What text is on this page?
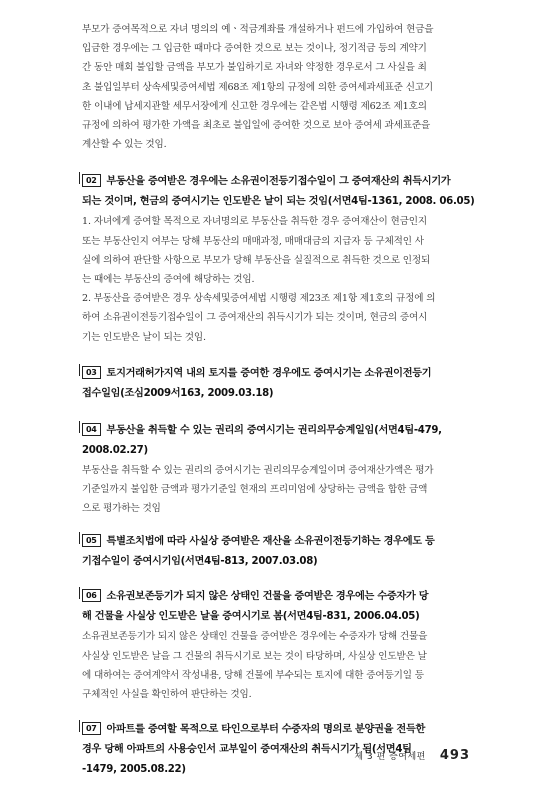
부모가 증여목적으로 자녀 명의의 예ㆍ적금계좌를 개설하거나 펀드에 가입하여 현금을

입금한 경우에는 그 입금한 때마다 증여한 것으로 보는 것이나, 정기적금 등의 계약기

간 동안 매회 불입할 금액을 부모가 불입하기로 자녀와 약정한 경우로서 그 사실을 최

초 불입일부터 상속세및증여세법 제68조 제1항의 규정에 의한 증여세과세표준 신고기

한 이내에 납세지관할 세무서장에게 신고한 경우에는 같은법 시행령 제62조 제1호의

규정에 의하여 평가한 가액을 최초로 불입일에 증여한 것으로 보아 증여세 과세표준을

계산할 수 있는 것임.

02 부동산을 증여받은 경우에는 소유권이전등기접수일이 그 증여재산의 취득시기가

되는 것이며, 현금의 증여시기는 인도받은 날이 되는 것임(서면4팀-1361, 2008. 06.05)

1. 자녀에게 증여할 목적으로 자녀명의로 부동산을 취득한 경우 증여재산이 현금인지

또는 부동산인지 여부는 당해 부동산의 매매과정, 매매대금의 지급자 등 구체적인 사

실에 의하여 판단할 사항으로 부모가 당해 부동산을 실질적으로 취득한 것으로 인정되

는 때에는 부동산의 증여에 해당하는 것임.

2. 부동산을 증여받은 경우 상속세및증여세법 시행령 제23조 제1항 제1호의 규정에 의

하여 소유권이전등기접수일이 그 증여재산의 취득시기가 되는 것이며, 현금의 증여시

기는 인도받은 날이 되는 것임.

03 토지거래허가지역 내의 토지를 증여한 경우에도 증여시기는 소유권이전등기

접수일임(조심2009서163, 2009.03.18)

04 부동산을 취득할 수 있는 권리의 증여시기는 권리의무승계일임(서면4팀-479,

2008.02.27)

부동산을 취득할 수 있는 권리의 증여시기는 권리의무승계일이며 증여재산가액은 평가

기준일까지 불입한 금액과 평가기준일 현재의 프리미엄에 상당하는 금액을 합한 금액

으로 평가하는 것임

05 특별조치법에 따라 사실상 증여받은 재산을 소유권이전등기하는 경우에도 등

기접수일이 증여시기임(서면4팀-813, 2007.03.08)

06 소유권보존등기가 되지 않은 상태인 건물을 증여받은 경우에는 수증자가 당

해 건물을 사실상 인도받은 날을 증여시기로 봄(서면4팀-831, 2006.04.05)

소유권보존등기가 되지 않은 상태인 건물을 증여받은 경우에는 수증자가 당해 건물을

사실상 인도받은 날을 그 건물의 취득시기로 보는 것이 타당하며, 사실상 인도받은 날

에 대하여는 증여계약서 작성내용, 당해 건물에 부수되는 토지에 대한 증여등기일 등

구체적인 사실을 확인하여 판단하는 것임.

07 아파트를 증여할 목적으로 타인으로부터 수증자의 명의로 분양권을 전득한

경우 당해 아파트의 사용승인서 교부일이 증여재산의 취득시기가 됨(서면4팀

-1479, 2005.08.22)

제 3 편 증여세편 493
